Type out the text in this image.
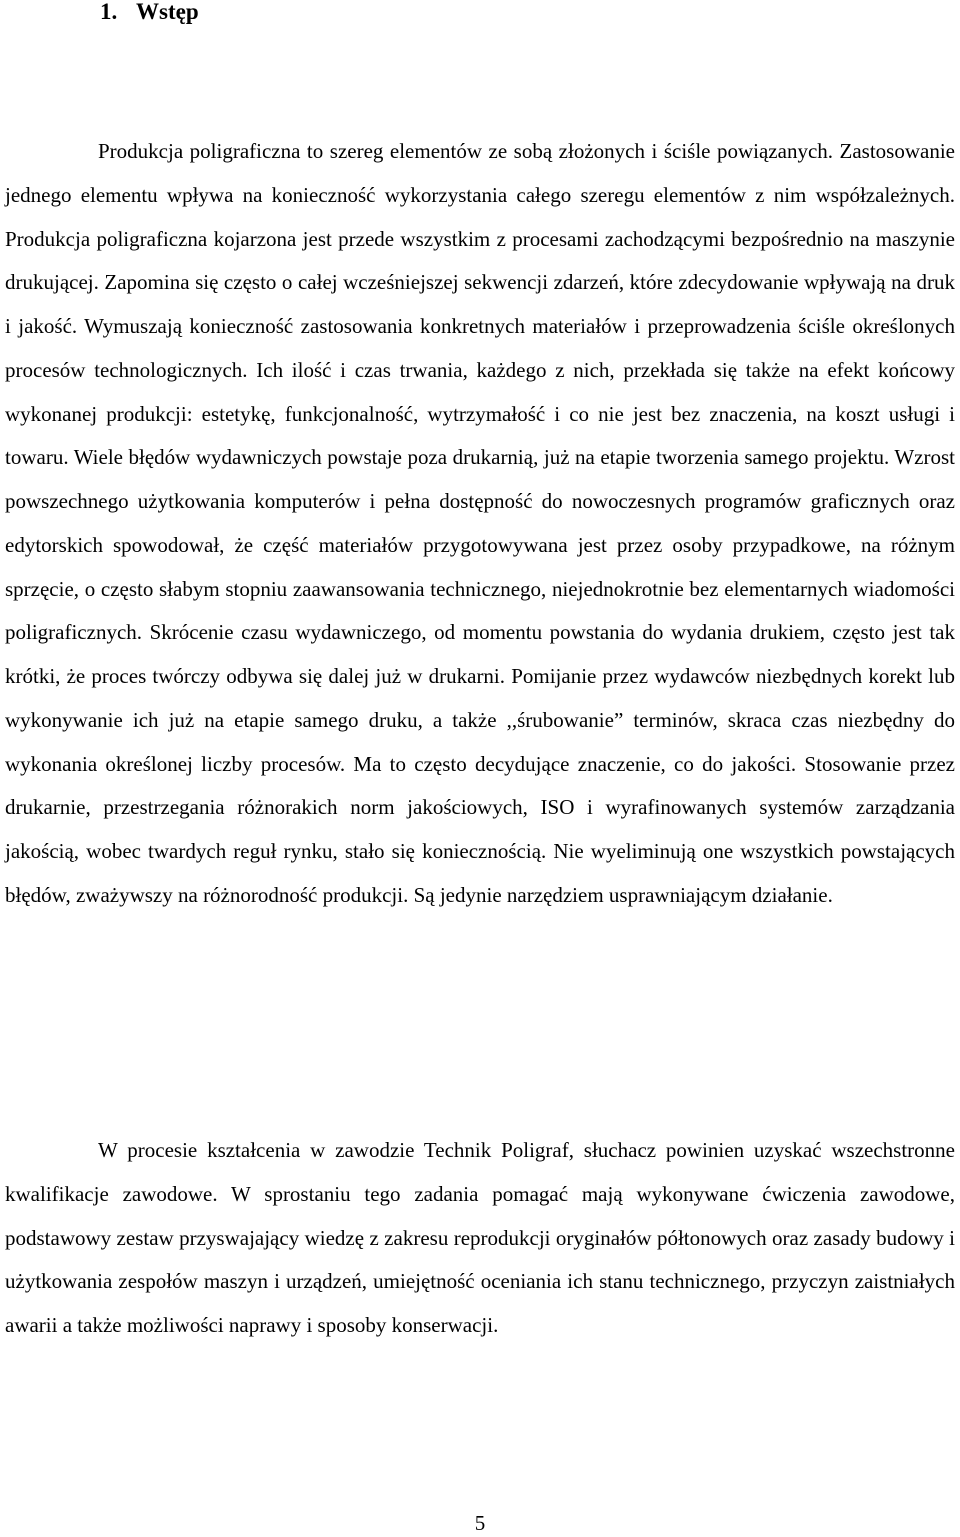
1. Wstęp

Produkcja poligraficzna to szereg elementów ze sobą złożonych i ściśle powiązanych. Zastosowanie jednego elementu wpływa na konieczność wykorzystania całego szeregu elementów z nim współzależnych. Produkcja poligraficzna kojarzona jest przede wszystkim z procesami zachodzącymi bezpośrednio na maszynie drukującej. Zapomina się często o całej wcześniejszej sekwencji zdarzeń, które zdecydowanie wpływają na druk i jakość. Wymuszają konieczność zastosowania konkretnych materiałów i przeprowadzenia ściśle określonych procesów technologicznych. Ich ilość i czas trwania, każdego z nich, przekłada się także na efekt końcowy wykonanej produkcji: estetykę, funkcjonalność, wytrzymałość i co nie jest bez znaczenia, na koszt usługi i towaru. Wiele błędów wydawniczych powstaje poza drukarnią, już na etapie tworzenia samego projektu. Wzrost powszechnego użytkowania komputerów i pełna dostępność do nowoczesnych programów graficznych oraz edytorskich spowodował, że część materiałów przygotowywana jest przez osoby przypadkowe, na różnym sprzęcie, o często słabym stopniu zaawansowania technicznego, niejednokrotnie bez elementarnych wiadomości poligraficznych. Skrócenie czasu wydawniczego, od momentu powstania do wydania drukiem, często jest tak krótki, że proces twórczy odbywa się dalej już w drukarni. Pomijanie przez wydawców niezbędnych korekt lub wykonywanie ich już na etapie samego druku, a także ,,śrubowanie” terminów, skraca czas niezbędny do wykonania określonej liczby procesów. Ma to często decydujące znaczenie, co do jakości. Stosowanie przez drukarnie, przestrzegania różnorakich norm jakościowych, ISO i wyrafinowanych systemów zarządzania jakością, wobec twardych reguł rynku, stało się koniecznością. Nie wyeliminują one wszystkich powstających błędów, zważywszy na różnorodność produkcji. Są jedynie narzędziem usprawniającym działanie.

W procesie kształcenia w zawodzie Technik Poligraf, słuchacz powinien uzyskać wszechstronne kwalifikacje zawodowe. W sprostaniu tego zadania pomagać mają wykonywane ćwiczenia zawodowe, podstawowy zestaw przyswajający wiedzę z zakresu reprodukcji oryginałów półtonowych oraz zasady budowy i użytkowania zespołów maszyn i urządzeń, umiejętność oceniania ich stanu technicznego, przyczyn zaistniałych awarii a także możliwości naprawy i sposoby konserwacji.

5
